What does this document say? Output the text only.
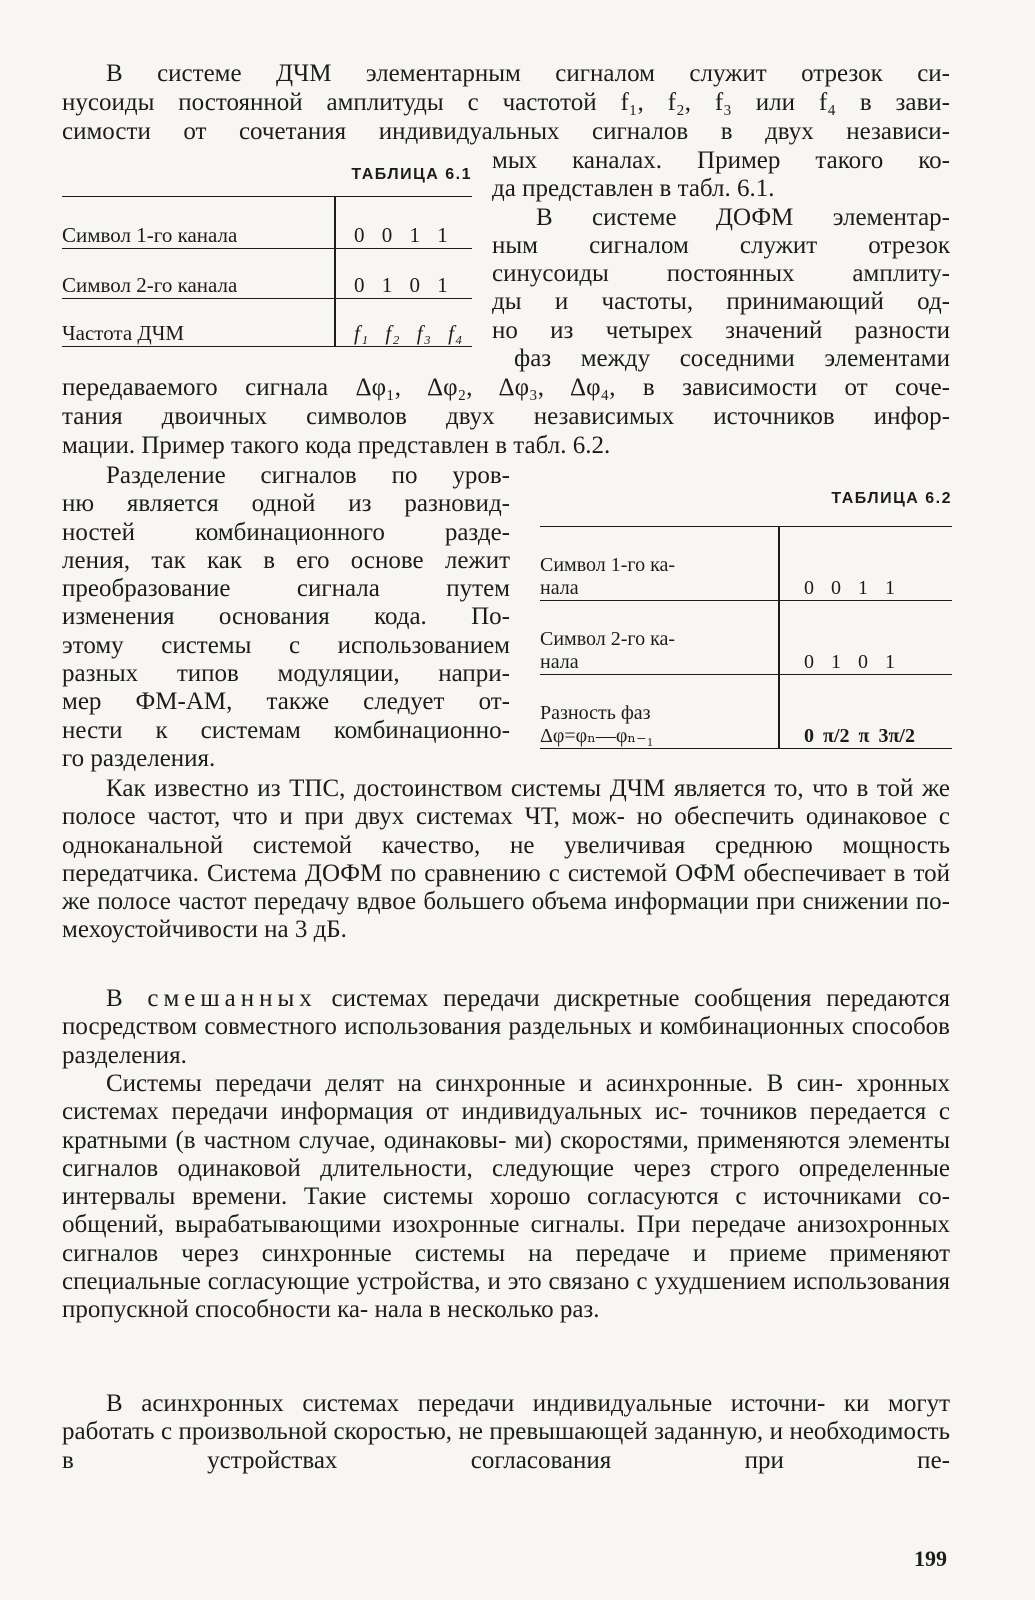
В системе ДЧМ элементарным сигналом служит отрезок си-

нусоиды постоянной амплитуды с частотой f₁, f₂, f₃ или f₄ в зави-

симости от сочетания индивидуальных сигналов в двух независи-

ТАБЛИЦА 6.1
Символ 1-го канала	0 0 1 1
Символ 2-го канала	0 1 0 1
Частота ДЧМ	f₁ f₂ f₃ f₄

мых каналах. Пример такого ко-

да представлен в табл. 6.1.

В системе ДОФМ элементар-

ным сигналом служит отрезок

синусоиды постоянных амплиту-

ды и частоты, принимающий од-

но из четырех значений разности

фаз между соседними элементами

передаваемого сигнала Δφ₁, Δφ₂, Δφ₃, Δφ₄, в зависимости от соче-

тания двоичных символов двух независимых источников инфор-

мации. Пример такого кода представлен в табл. 6.2.

Разделение сигналов по уров-

ню является одной из разновид-

ностей комбинационного разде-

ления, так как в его основе лежит

преобразование сигнала путем

изменения основания кода. По-

этому системы с использованием

разных типов модуляции, напри-

мер ФМ-АМ, также следует от-

нести к системам комбинационно-

го разделения.

ТАБЛИЦА 6.2
Символ 1-го ка-
нала	0 0 1 1

Символ 2-го ка-
нала	0 1 0 1

Разность фаз
Δφ=φₙ—φₙ₋₁	0 π/2 π 3π/2

Как известно из ТПС, достоинством системы ДЧМ является то, что в той же полосе частот, что и при двух системах ЧТ, мож- но обеспечить одинаковое с одноканальной системой качество, не увеличивая среднюю мощность передатчика. Система ДОФМ по сравнению с системой ОФМ обеспечивает в той же полосе частот передачу вдвое большего объема информации при снижении по- мехоустойчивости на 3 дБ.

В смешанных системах передачи дискретные сообщения передаются посредством совместного использования раздельных и комбинационных способов разделения.

Системы передачи делят на синхронные и асинхронные. В син- хронных системах передачи информация от индивидуальных ис- точников передается с кратными (в частном случае, одинаковы- ми) скоростями, применяются элементы сигналов одинаковой длительности, следующие через строго определенные интервалы времени. Такие системы хорошо согласуются с источниками со- общений, вырабатывающими изохронные сигналы. При передаче анизохронных сигналов через синхронные системы на передаче и приеме применяют специальные согласующие устройства, и это связано с ухудшением использования пропускной способности ка- нала в несколько раз.

В асинхронных системах передачи индивидуальные источни- ки могут работать с произвольной скоростью, не превышающей заданную, и необходимость в устройствах согласования при пе-

199
